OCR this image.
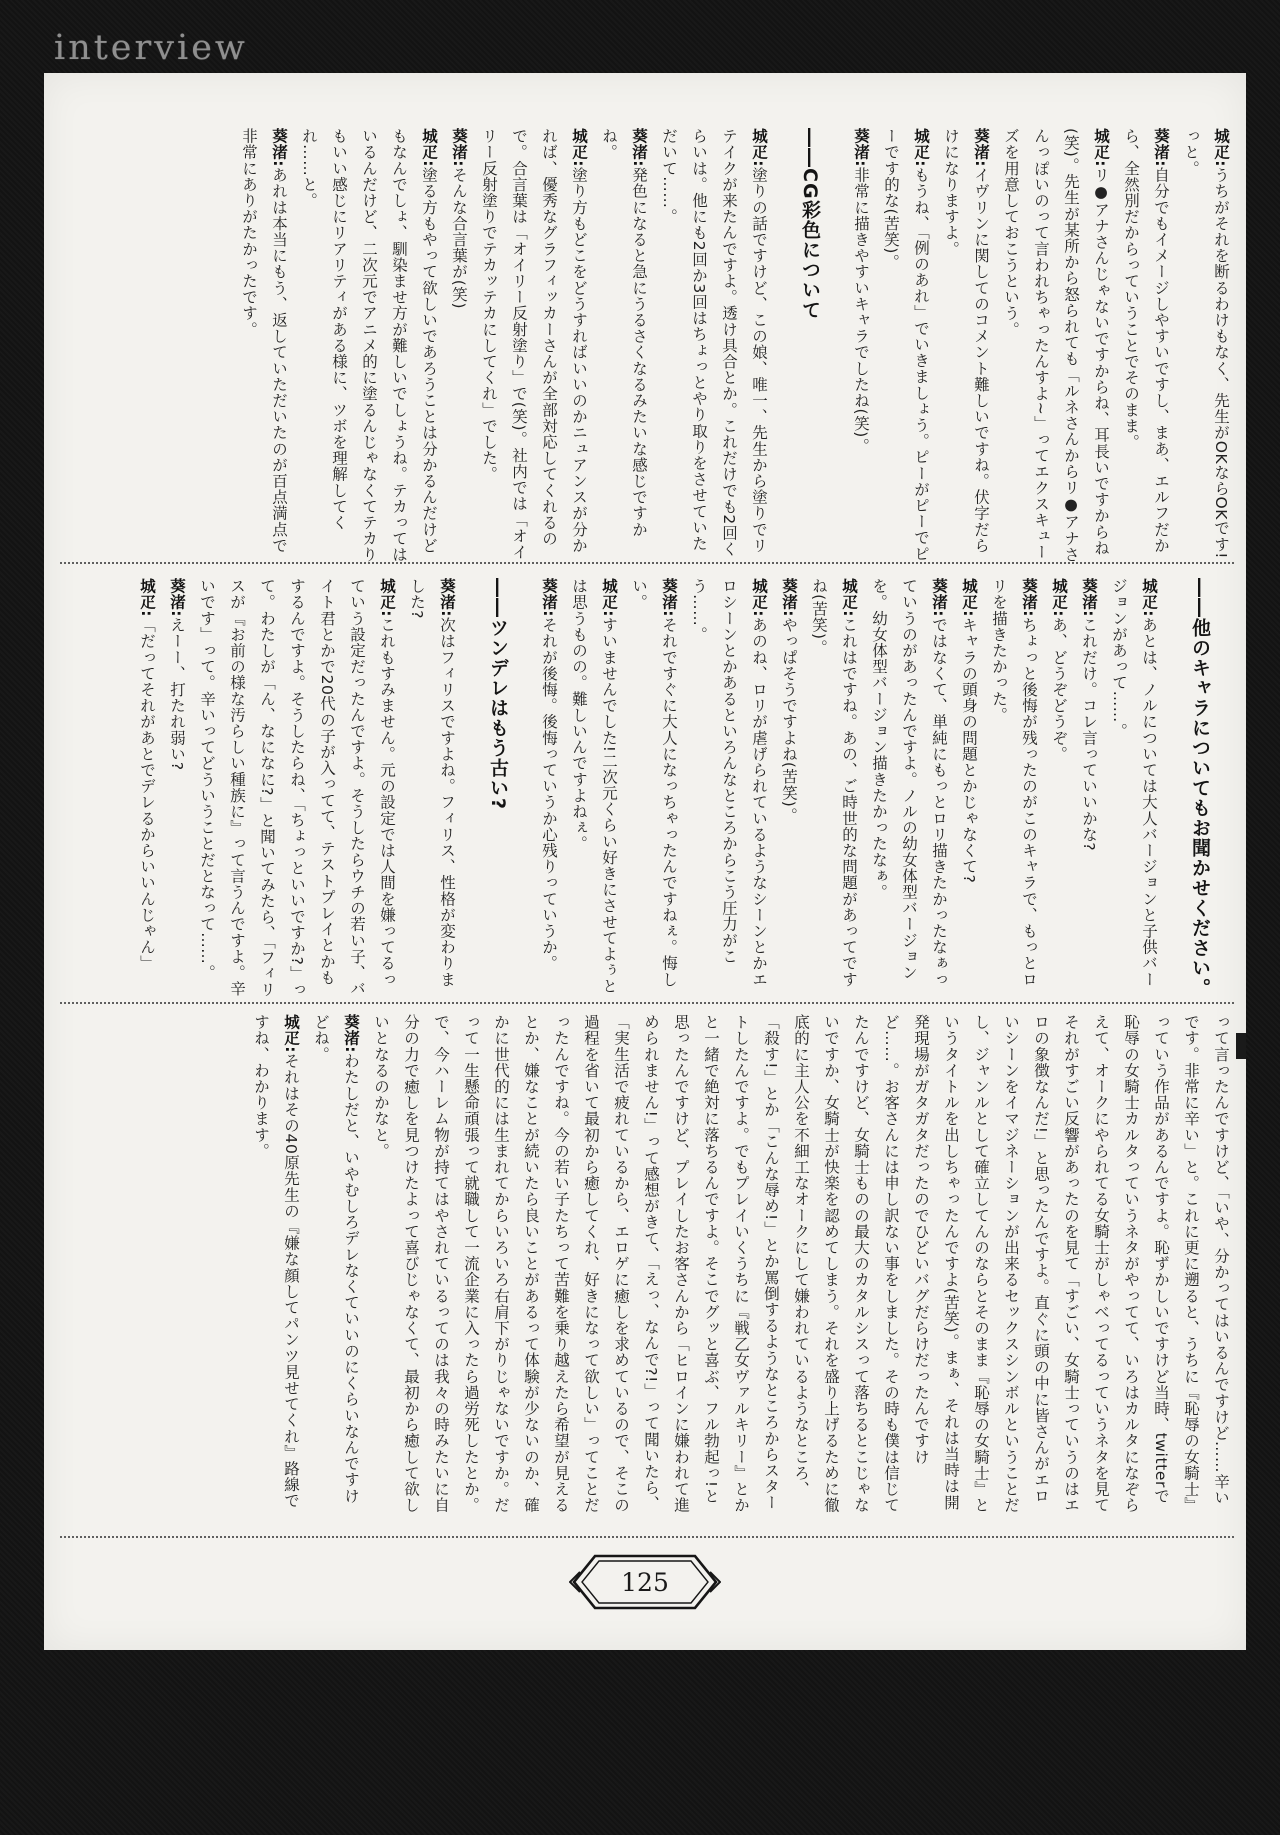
interview

城疋:うちがそれを断るわけもなく、先生がOKならOKです!っと。

葵渚:自分でもイメージしやすいですし、まあ、エルフだから、全然別だからっていうことでそのまま。

城疋:リ●アナさんじゃないですからね、耳長いですからね(笑)。先生が某所から怒られても「ルネさんからリ●アナさんっぽいのって言われちゃったんすよ~」ってエクスキューズを用意しておこうという。

葵渚:イヴリンに関してのコメント難しいですね。伏字だらけになりますよ。

城疋:もうね、「例のあれ」でいきましょう。ピーがピーでピーです的な(苦笑)。

葵渚:非常に描きやすいキャラでしたね(笑)。

――CG彩色について

城疋:塗りの話ですけど、この娘、唯一、先生から塗りでリテイクが来たんですよ。透け具合とか。これだけでも2回くらいは。他にも2回か3回はちょっとやり取りをさせていただいて……。

葵渚:発色になると急にうるさくなるみたいな感じですかね。

城疋:塗り方もどこをどうすればいいのかニュアンスが分かれば、優秀なグラフィッカーさんが全部対応してくれるので。合言葉は「オイリー反射塗り」で(笑)。社内では「オイリー反射塗りでテカッテカにしてくれ」でした。

葵渚:そんな合言葉が(笑)

城疋:塗る方もやって欲しいであろうことは分かるんだけどもなんでしょ、馴染ませ方が難しいでしょうね。テカってはいるんだけど、二次元でアニメ的に塗るんじゃなくてテカりもいい感じにリアリティがある様に、ツボを理解してくれ……と。

葵渚:あれは本当にもう、返していただいたのが百点満点で非常にありがたかったです。

――他のキャラについてもお聞かせください。

城疋:あとは、ノルについては大人バージョンと子供バージョンがあって……。

葵渚:これだけ。コレ言っていいかな?

城疋:あ、どうぞどうぞ。

葵渚:ちょっと後悔が残ったのがこのキャラで、もっとロリを描きたかった。

城疋:キャラの頭身の問題とかじゃなくて?

葵渚:ではなくて、単純にもっとロリ描きたかったなぁっていうのがあったんですよ。ノルの幼女体型バージョンを。幼女体型バージョン描きたかったなぁ。

城疋:これはですね。あの、ご時世的な問題があってですね(苦笑)。

葵渚:やっぱそうですよね(苦笑)。

城疋:あのね、ロリが虐げられているようなシーンとかエロシーンとかあるといろんなところからこう圧力がこう……。

葵渚:それですぐに大人になっちゃったんですねぇ。悔しい。

城疋:すいませんでした!二次元くらい好きにさせてよぅとは思うものの。難しいんですよねぇ。

葵渚:それが後悔。後悔っていうか心残りっていうか。

――ツンデレはもう古い?

葵渚:次はフィリスですよね。フィリス、性格が変わりました?

城疋:これもすみません。元の設定では人間を嫌ってるっていう設定だったんですよ。そうしたらウチの若い子、バイト君とかで20代の子が入ってて、テストプレイとかもするんですよ。そうしたらね、「ちょっといいですか?」って。わたしが「ん、なになに?」と聞いてみたら、「フィリスが『お前の様な汚らしい種族に』って言うんですよ。辛いです」って。辛いってどういうことだとなって……。

葵渚:えーー、打たれ弱い?

城疋:「だってそれがあとでデレるからいいんじゃん」

って言ったんですけど、「いや、分かってはいるんですけど……辛いです。非常に辛い」と。これに更に遡ると、うちに『恥辱の女騎士』っていう作品があるんですよ。恥ずかしいですけど当時、twitterで恥辱の女騎士カルタっていうネタがやってて、いろはカルタになぞらえて、オークにやられてる女騎士がしゃべってるっていうネタを見てそれがすごい反響があったのを見て「すごい、女騎士っていうのはエロの象徴なんだ!」と思ったんですよ。直ぐに頭の中に皆さんがエロいシーンをイマジネーションが出来るセックスシンボルということだし、ジャンルとして確立してんのならとそのまま『恥辱の女騎士』というタイトルを出しちゃったんですよ(苦笑)。まぁ、それは当時は開発現場がガタガタだったのでひどいバグだらけだったんですけど……。お客さんには申し訳ない事をしました。その時も僕は信じてたんですけど、女騎士ものの最大のカタルシスって落ちるとこじゃないですか、女騎士が快楽を認めてしまう。それを盛り上げるために徹底的に主人公を不細工なオークにして嫌われているようなところ、「殺す!」とか「こんな辱め!」とか罵倒するようなところからスタートしたんですよ。でもプレイいくうちに『戦乙女ヴァルキリー』とかと一緒で絶対に落ちるんですよ。そこでグッと喜ぶ、フル勃起っ!と思ったんですけど、プレイしたお客さんから「ヒロインに嫌われて進められません!」って感想がきて、「えっ、なんで?!」って聞いたら、「実生活で疲れているから、エロゲに癒しを求めているので、そこの過程を省いて最初から癒してくれ、好きになって欲しい」ってことだったんですね。今の若い子たちって苦難を乗り越えたら希望が見えるとか、嫌なことが続いたら良いことがあるって体験が少ないのか、確かに世代的には生まれてからいろいろ右肩下がりじゃないですか。だって一生懸命頑張って就職して一流企業に入ったら過労死したとか。で、今ハーレム物が持てはやされているってのは我々の時みたいに自分の力で癒しを見つけたよって喜びじゃなくて、最初から癒して欲しいとなるのかなと。

葵渚:わたしだと、いやむしろデレなくていいのにくらいなんですけどね。

城疋:それはその40原先生の『嫌な顔してパンツ見せてくれ』路線ですね、わかります。

125
